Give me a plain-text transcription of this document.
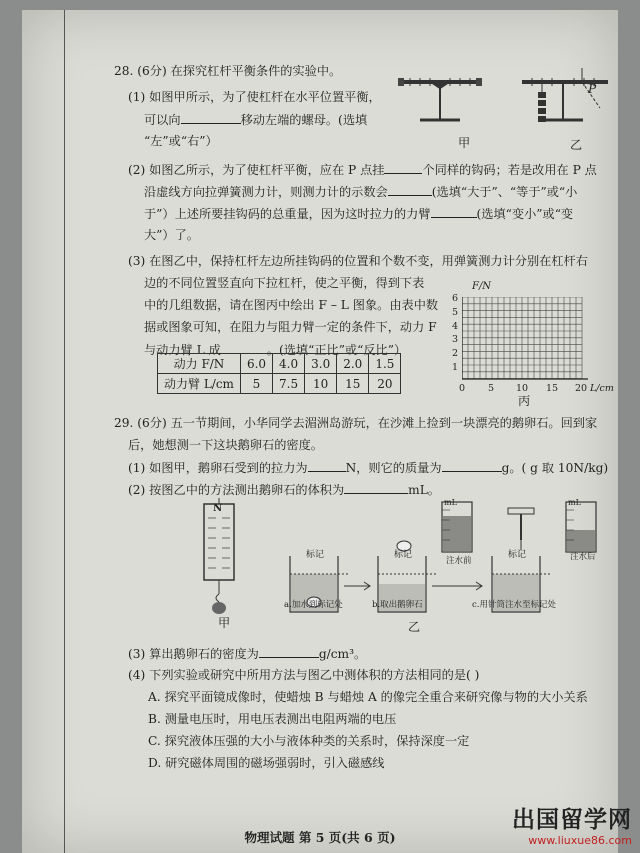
28. (6分) 在探究杠杆平衡条件的实验中。
(1) 如图甲所示，为了使杠杆在水平位置平衡，
可以向	移动左端的螺母。(选填
“左”或“右”）	甲	乙
P
(2) 如图乙所示，为了使杠杆平衡，应在 P 点挂	个同样的钩码；若是改用在 P 点
沿虚线方向拉弹簧测力计，则测力计的示数会	(选填“大于”、“等于”或“小
于”）上述所要挂钩码的总重量，因为这时拉力的力臂	(选填“变小”或“变
大”）了。
(3) 在图乙中，保持杠杆左边所挂钩码的位置和个数不变，用弹簧测力计分别在杠杆右
边的不同位置竖直向下拉杠杆，使之平衡，得到下表
中的几组数据，请在图丙中绘出 F – L 图象。由表中数
据或图象可知，在阻力与阻力臂一定的条件下，动力 F
与动力臂 L 成	。(选填“正比”或“反比”）
动力 F/N	6.0	4.0	3.0	2.0	1.5
动力臂 L/cm	5	7.5	10	15	20
F/N
6
5
4
3
2
1
0 5 10 15 20 L/cm
丙
29. (6分) 五一节期间，小华同学去湄洲岛游玩，在沙滩上捡到一块漂亮的鹅卵石。回到家
后，她想测一下这块鹅卵石的密度。
(1) 如图甲，鹅卵石受到的拉力为	N，则它的质量为	g。( g 取 10N/kg)
(2) 按图乙中的方法测出鹅卵石的体积为	mL。
N
标记	标记	标记
mL	mL
注水前	注水后
a.加水到标记处	b.取出鹅卵石	c.用针筒注水至标记处
甲	乙
(3) 算出鹅卵石的密度为	g/cm³。
(4) 下列实验或研究中所用方法与图乙中测体积的方法相同的是( )
A. 探究平面镜成像时，使蜡烛 B 与蜡烛 A 的像完全重合来研究像与物的大小关系
B. 测量电压时，用电压表测出电阻两端的电压
C. 探究液体压强的大小与液体种类的关系时，保持深度一定
D. 研究磁体周围的磁场强弱时，引入磁感线
物理试题 第 5 页(共 6 页)
出国留学网
www.liuxue86.com
